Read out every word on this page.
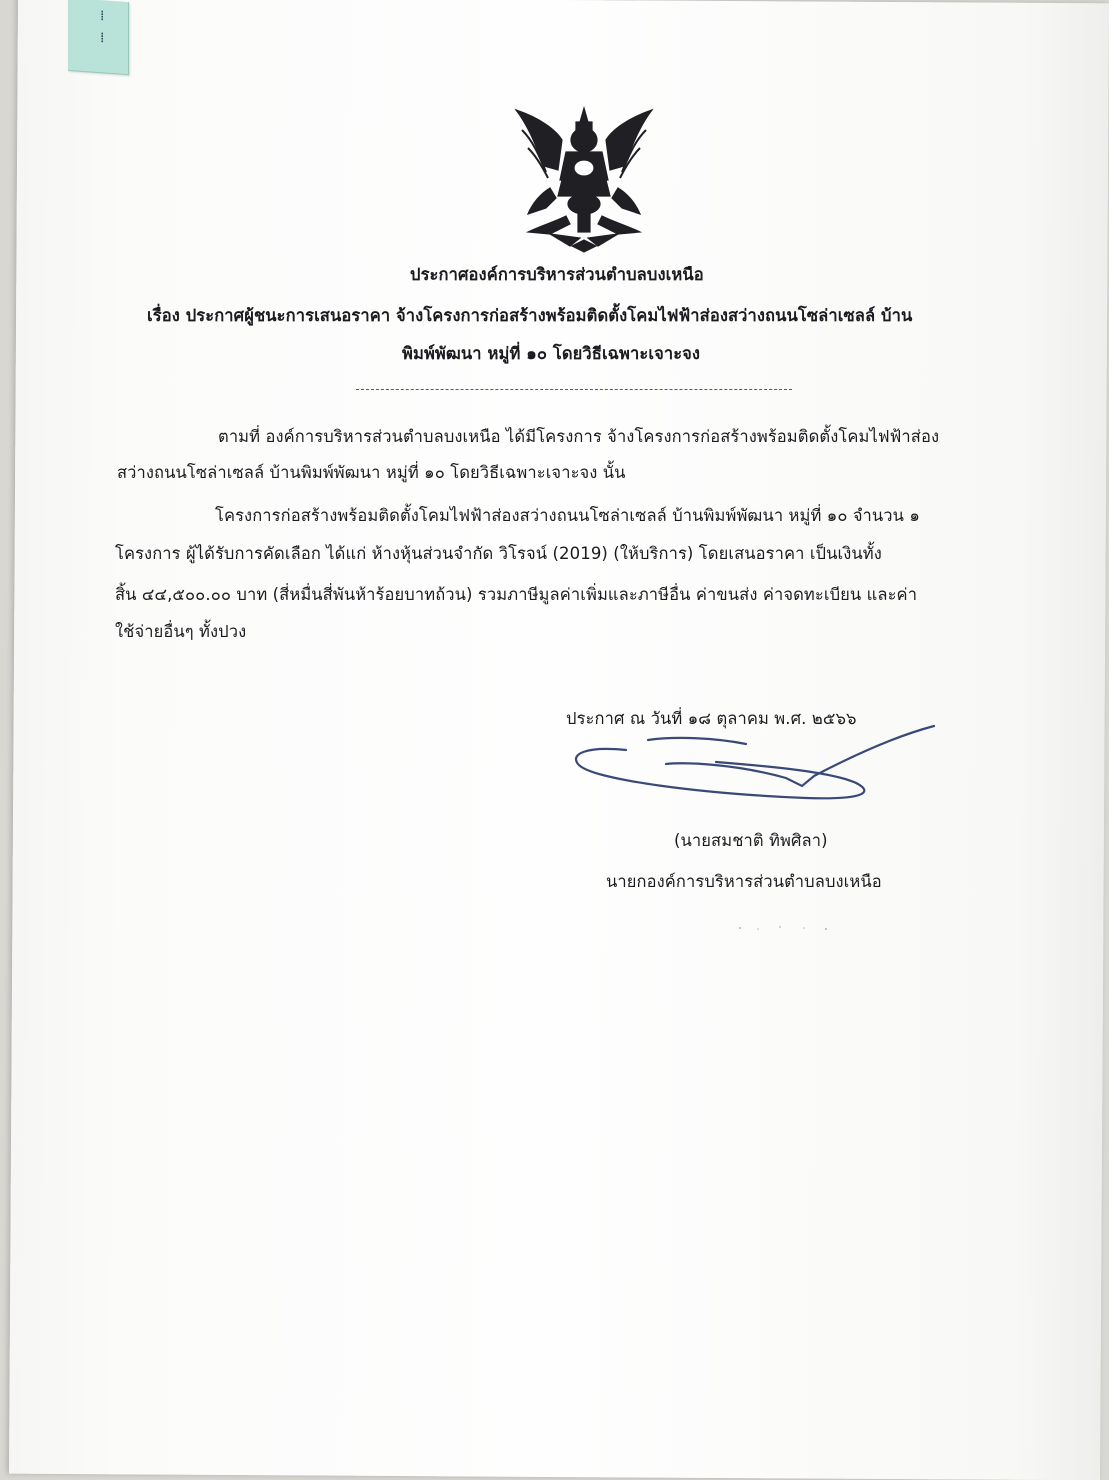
⁞
⁞
ประกาศองค์การบริหารส่วนตำบลบงเหนือ
เรื่อง ประกาศผู้ชนะการเสนอราคา จ้างโครงการก่อสร้างพร้อมติดตั้งโคมไฟฟ้าส่องสว่างถนนโซล่าเซลล์ บ้าน
พิมพ์พัฒนา หมู่ที่ ๑๐ โดยวิธีเฉพาะเจาะจง
ตามที่ องค์การบริหารส่วนตำบลบงเหนือ ได้มีโครงการ จ้างโครงการก่อสร้างพร้อมติดตั้งโคมไฟฟ้าส่อง
สว่างถนนโซล่าเซลล์ บ้านพิมพ์พัฒนา หมู่ที่ ๑๐ โดยวิธีเฉพาะเจาะจง นั้น
โครงการก่อสร้างพร้อมติดตั้งโคมไฟฟ้าส่องสว่างถนนโซล่าเซลล์ บ้านพิมพ์พัฒนา หมู่ที่ ๑๐ จำนวน ๑
โครงการ ผู้ได้รับการคัดเลือก ได้แก่ ห้างหุ้นส่วนจำกัด วิโรจน์ (2019) (ให้บริการ) โดยเสนอราคา เป็นเงินทั้ง
สิ้น ๔๔,๕๐๐.๐๐ บาท (สี่หมื่นสี่พันห้าร้อยบาทถ้วน) รวมภาษีมูลค่าเพิ่มและภาษีอื่น ค่าขนส่ง ค่าจดทะเบียน และค่า
ใช้จ่ายอื่นๆ ทั้งปวง
ประกาศ ณ วันที่ ๑๘ ตุลาคม พ.ศ. ๒๕๖๖
(นายสมชาติ ทิพศิลา)
นายกองค์การบริหารส่วนตำบลบงเหนือ
